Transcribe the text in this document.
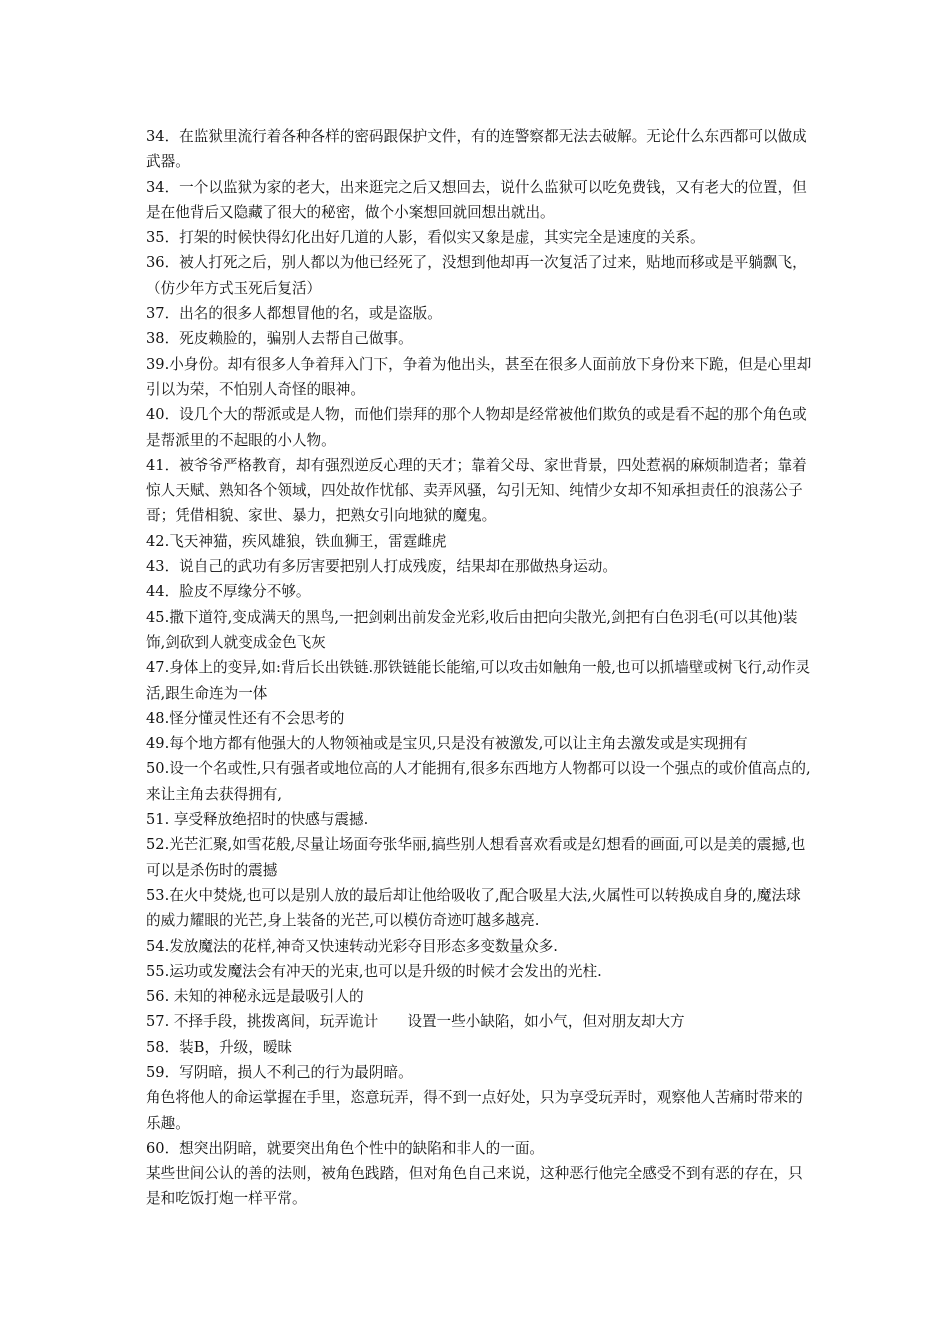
34．在监狱里流行着各种各样的密码跟保护文件，有的连警察都无法去破解。无论什么东西都可以做成武器。

34．一个以监狱为家的老大，出来逛完之后又想回去，说什么监狱可以吃免费钱，又有老大的位置，但是在他背后又隐藏了很大的秘密，做个小案想回就回想出就出。

35．打架的时候快得幻化出好几道的人影，看似实又象是虚，其实完全是速度的关系。

36．被人打死之后，别人都以为他已经死了，没想到他却再一次复活了过来，贴地而移或是平躺飘飞，（仿少年方式玉死后复活）

37．出名的很多人都想冒他的名，或是盗版。

38．死皮赖脸的，骗别人去帮自己做事。

39.小身份。却有很多人争着拜入门下，争着为他出头，甚至在很多人面前放下身份来下跪，但是心里却引以为荣，不怕别人奇怪的眼神。

40．设几个大的帮派或是人物，而他们崇拜的那个人物却是经常被他们欺负的或是看不起的那个角色或是帮派里的不起眼的小人物。

41．被爷爷严格教育，却有强烈逆反心理的天才；靠着父母、家世背景，四处惹祸的麻烦制造者；靠着惊人天赋、熟知各个领域，四处故作忧郁、卖弄风骚，勾引无知、纯情少女却不知承担责任的浪荡公子哥；凭借相貌、家世、暴力，把熟女引向地狱的魔鬼。

42.飞天神猫，疾风雄狼，铁血狮王，雷霆雌虎

43．说自己的武功有多厉害要把别人打成残废，结果却在那做热身运动。

44．脸皮不厚缘分不够。

45.撒下道符,变成满天的黑鸟,一把剑刺出前发金光彩,收后由把向尖散光,剑把有白色羽毛(可以其他)装饰,剑砍到人就变成金色飞灰

47.身体上的变异,如:背后长出铁链.那铁链能长能缩,可以攻击如触角一般,也可以抓墙壁或树飞行,动作灵活,跟生命连为一体

48.怪分懂灵性还有不会思考的

49.每个地方都有他强大的人物领袖或是宝贝,只是没有被激发,可以让主角去激发或是实现拥有

50.设一个名或性,只有强者或地位高的人才能拥有,很多东西地方人物都可以设一个强点的或价值高点的,来让主角去获得拥有,

51. 享受释放绝招时的快感与震撼.

52.光芒汇聚,如雪花般,尽量让场面夸张华丽,搞些别人想看喜欢看或是幻想看的画面,可以是美的震撼,也可以是杀伤时的震撼

53.在火中焚烧,也可以是别人放的最后却让他给吸收了,配合吸星大法,火属性可以转换成自身的,魔法球的威力耀眼的光芒,身上装备的光芒,可以模仿奇迹叮越多越亮.

54.发放魔法的花样,神奇又快速转动光彩夺目形态多变数量众多.

55.运功或发魔法会有冲天的光束,也可以是升级的时候才会发出的光柱.

56. 未知的神秘永远是最吸引人的

57. 不择手段，挑拨离间，玩弄诡计　　设置一些小缺陷，如小气，但对朋友却大方

58．装B，升级，暧昧

59．写阴暗，损人不利己的行为最阴暗。

角色将他人的命运掌握在手里，恣意玩弄，得不到一点好处，只为享受玩弄时，观察他人苦痛时带来的乐趣。

60．想突出阴暗，就要突出角色个性中的缺陷和非人的一面。

某些世间公认的善的法则，被角色践踏，但对角色自己来说，这种恶行他完全感受不到有恶的存在，只是和吃饭打炮一样平常。
